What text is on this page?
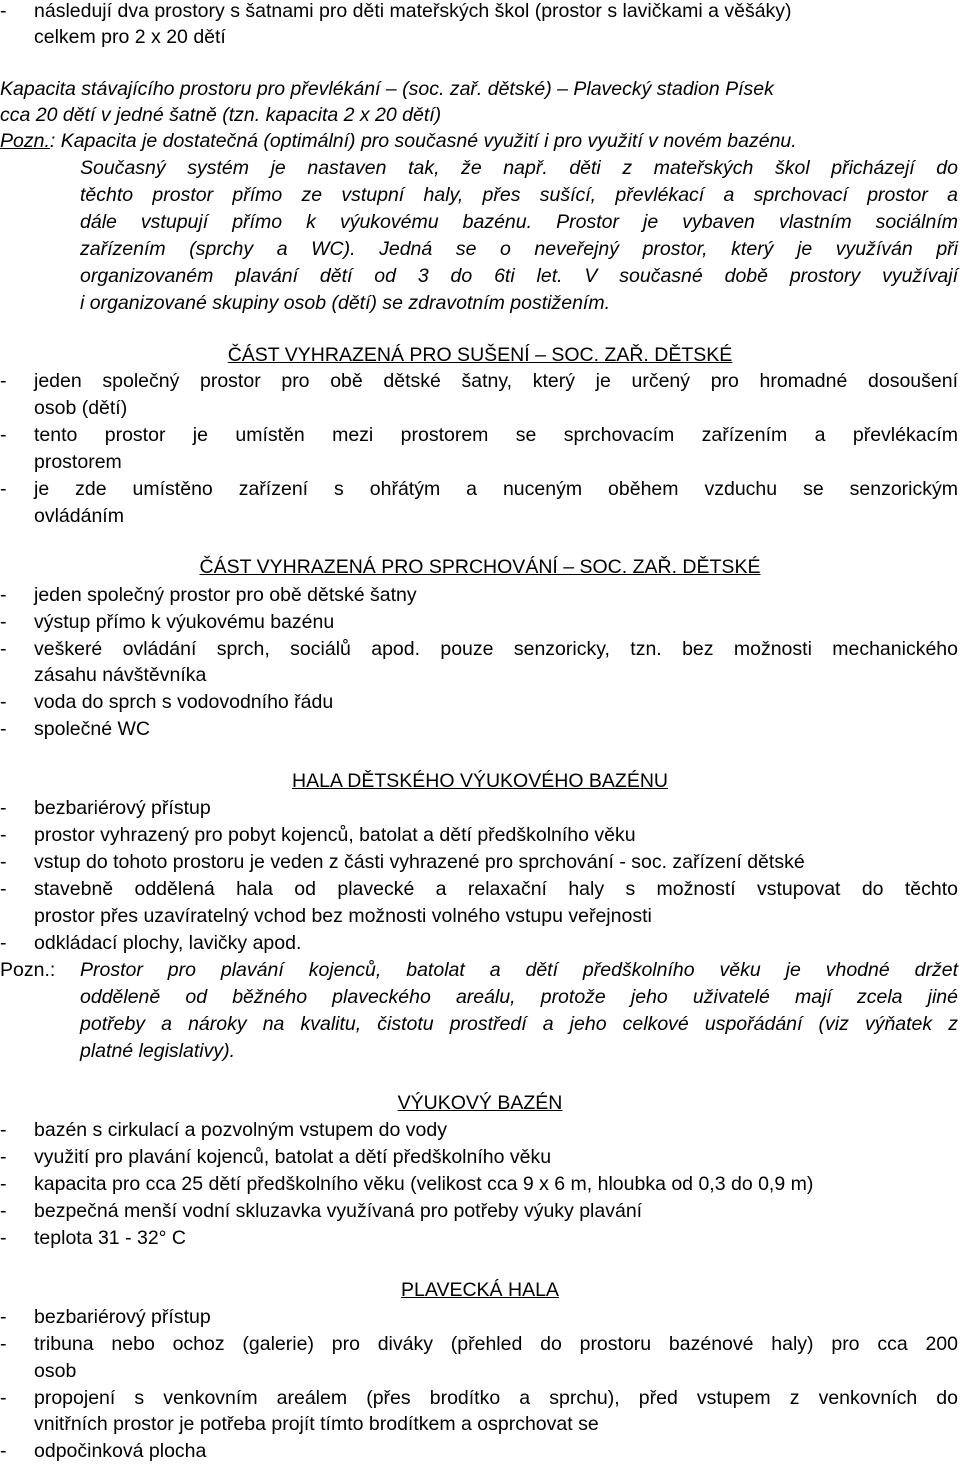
- následují dva prostory s šatnami pro děti mateřských škol (prostor s lavičkami a věšáky)
celkem pro 2 x 20 dětí
Kapacita stávajícího prostoru pro převlékání – (soc. zař. dětské) – Plavecký stadion Písek
cca 20 dětí v jedné šatně (tzn. kapacita 2 x 20 dětí)
Pozn.: Kapacita je dostatečná (optimální) pro současné využití i pro využití v novém bazénu.
Současný systém je nastaven tak, že např. děti z mateřských škol přicházejí do
těchto prostor přímo ze vstupní haly, přes sušící, převlékací a sprchovací prostor a
dále vstupují přímo k výukovému bazénu. Prostor je vybaven vlastním sociálním
zařízením (sprchy a WC). Jedná se o neveřejný prostor, který je využíván při
organizovaném plavání dětí od 3 do 6ti let. V současné době prostory využívají
i organizované skupiny osob (dětí) se zdravotním postižením.
ČÁST VYHRAZENÁ PRO SUŠENÍ – SOC. ZAŘ. DĚTSKÉ
- jeden společný prostor pro obě dětské šatny, který je určený pro hromadné dosoušení
osob (dětí)
- tento prostor je umístěn mezi prostorem se sprchovacím zařízením a převlékacím
prostorem
- je zde umístěno zařízení s ohřátým a nuceným oběhem vzduchu se senzorickým
ovládáním
ČÁST VYHRAZENÁ PRO SPRCHOVÁNÍ – SOC. ZAŘ. DĚTSKÉ
- jeden společný prostor pro obě dětské šatny
- výstup přímo k výukovému bazénu
- veškeré ovládání sprch, sociálů apod. pouze senzoricky, tzn. bez možnosti mechanického
zásahu návštěvníka
- voda do sprch s vodovodního řádu
- společné WC
HALA DĚTSKÉHO VÝUKOVÉHO BAZÉNU
- bezbariérový přístup
- prostor vyhrazený pro pobyt kojenců, batolat a dětí předškolního věku
- vstup do tohoto prostoru je veden z části vyhrazené pro sprchování - soc. zařízení dětské
- stavebně oddělená hala od plavecké a relaxační haly s možností vstupovat do těchto
prostor přes uzavíratelný vchod bez možnosti volného vstupu veřejnosti
- odkládací plochy, lavičky apod.
Pozn.: Prostor pro plavání kojenců, batolat a dětí předškolního věku je vhodné držet
odděleně od běžného plaveckého areálu, protože jeho uživatelé mají zcela jiné
potřeby a nároky na kvalitu, čistotu prostředí a jeho celkové uspořádání (viz výňatek z
platné legislativy).
VÝUKOVÝ BAZÉN
- bazén s cirkulací a pozvolným vstupem do vody
- využití pro plavání kojenců, batolat a dětí předškolního věku
- kapacita pro cca 25 dětí předškolního věku (velikost cca 9 x 6 m, hloubka od 0,3 do 0,9 m)
- bezpečná menší vodní skluzavka využívaná pro potřeby výuky plavání
- teplota 31 - 32° C
PLAVECKÁ HALA
- bezbariérový přístup
- tribuna nebo ochoz (galerie) pro diváky (přehled do prostoru bazénové haly) pro cca 200
osob
- propojení s venkovním areálem (přes brodítko a sprchu), před vstupem z venkovních do
vnitřních prostor je potřeba projít tímto brodítkem a osprchovat se
- odpočinková plocha
